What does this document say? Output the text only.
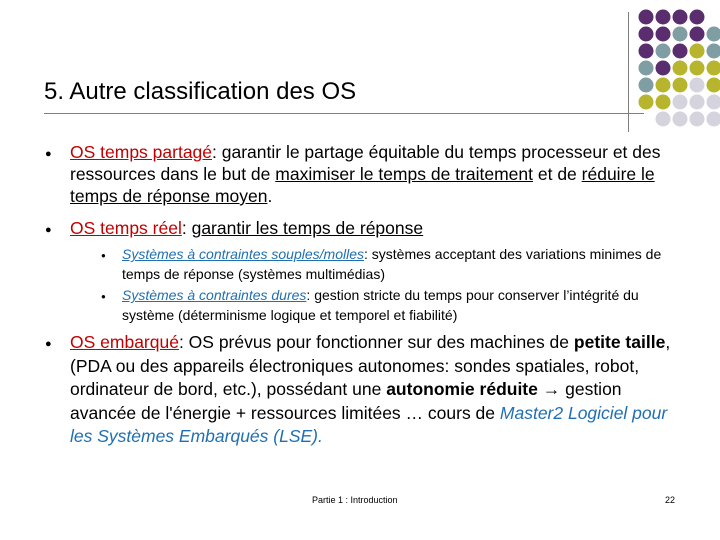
5. Autre classification des OS
● OS temps partagé: garantir le partage équitable du temps processeur et des ressources dans le but de maximiser le temps de traitement et de réduire le temps de réponse moyen.
● OS temps réel: garantir les temps de réponse
● Systèmes à contraintes souples/molles: systèmes acceptant des variations minimes de temps de réponse (systèmes multimédias)
● Systèmes à contraintes dures: gestion stricte du temps pour conserver l’intégrité du système (déterminisme logique et temporel et fiabilité)
● OS embarqué: OS prévus pour fonctionner sur des machines de petite taille, (PDA ou des appareils électroniques autonomes: sondes spatiales, robot, ordinateur de bord, etc.), possédant une autonomie réduite → gestion avancée de l'énergie + ressources limitées … cours de Master2 Logiciel pour les Systèmes Embarqués (LSE).
Partie 1 : Introduction	22
